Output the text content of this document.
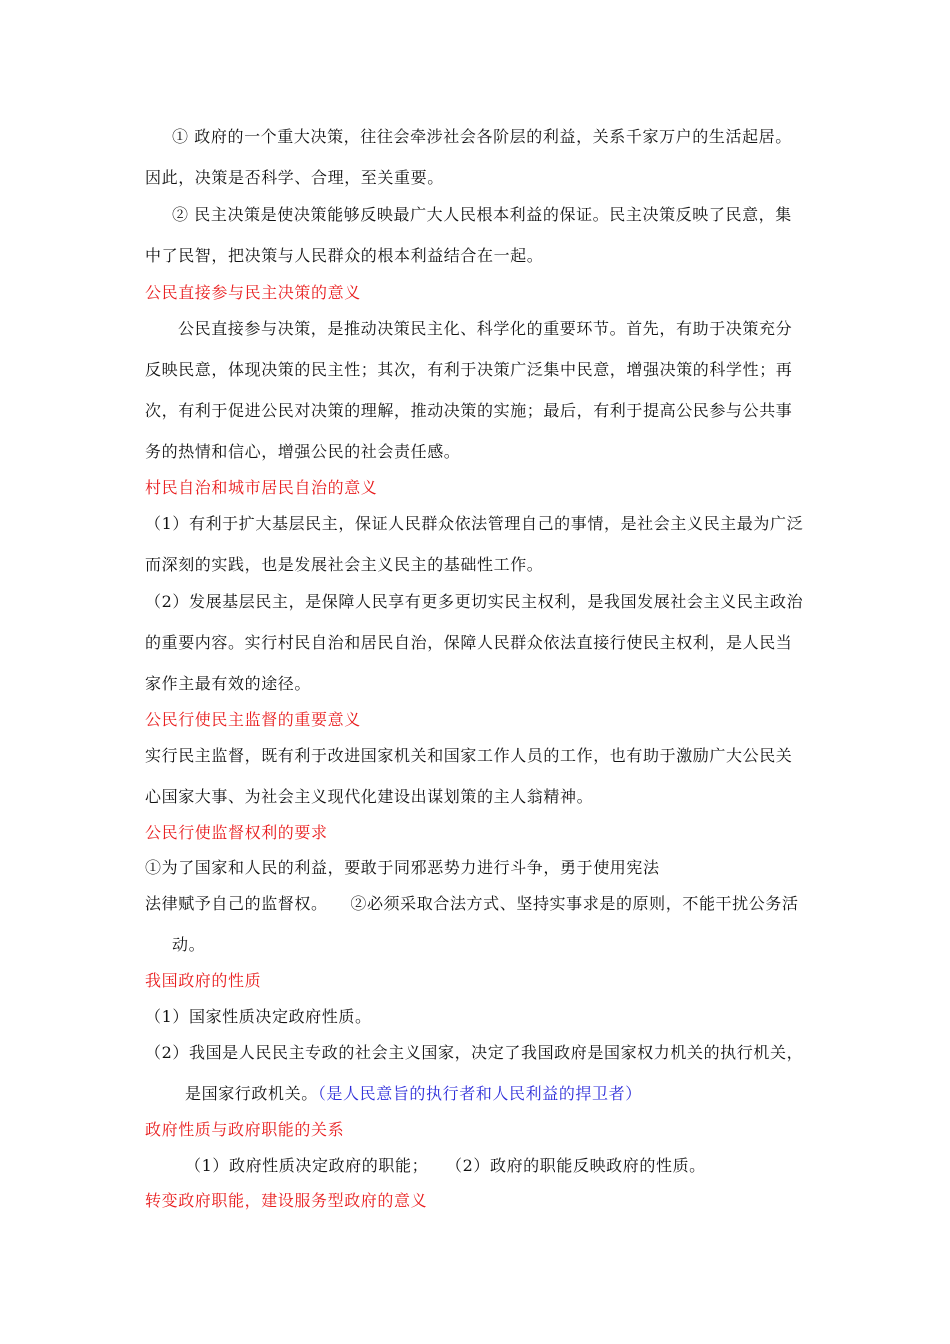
① 政府的一个重大决策，往往会牵涉社会各阶层的利益，关系千家万户的生活起居。
因此，决策是否科学、合理，至关重要。
② 民主决策是使决策能够反映最广大人民根本利益的保证。民主决策反映了民意，集
中了民智，把决策与人民群众的根本利益结合在一起。
公民直接参与民主决策的意义
公民直接参与决策，是推动决策民主化、科学化的重要环节。首先，有助于决策充分
反映民意，体现决策的民主性；其次，有利于决策广泛集中民意，增强决策的科学性；再
次，有利于促进公民对决策的理解，推动决策的实施；最后，有利于提高公民参与公共事
务的热情和信心，增强公民的社会责任感。
村民自治和城市居民自治的意义
（1）有利于扩大基层民主，保证人民群众依法管理自己的事情，是社会主义民主最为广泛
而深刻的实践，也是发展社会主义民主的基础性工作。
（2）发展基层民主，是保障人民享有更多更切实民主权利，是我国发展社会主义民主政治
的重要内容。实行村民自治和居民自治，保障人民群众依法直接行使民主权利，是人民当
家作主最有效的途径。
公民行使民主监督的重要意义
实行民主监督，既有利于改进国家机关和国家工作人员的工作，也有助于激励广大公民关
心国家大事、为社会主义现代化建设出谋划策的主人翁精神。
公民行使监督权利的要求
①为了国家和人民的利益，要敢于同邪恶势力进行斗争，勇于使用宪法
法律赋予自己的监督权。    ②必须采取合法方式、坚持实事求是的原则，不能干扰公务活
动。
我国政府的性质
（1）国家性质决定政府性质。
（2）我国是人民民主专政的社会主义国家，决定了我国政府是国家权力机关的执行机关，
是国家行政机关。（是人民意旨的执行者和人民利益的捍卫者）
政府性质与政府职能的关系
（1）政府性质决定政府的职能； （2）政府的职能反映政府的性质。
转变政府职能，建设服务型政府的意义
